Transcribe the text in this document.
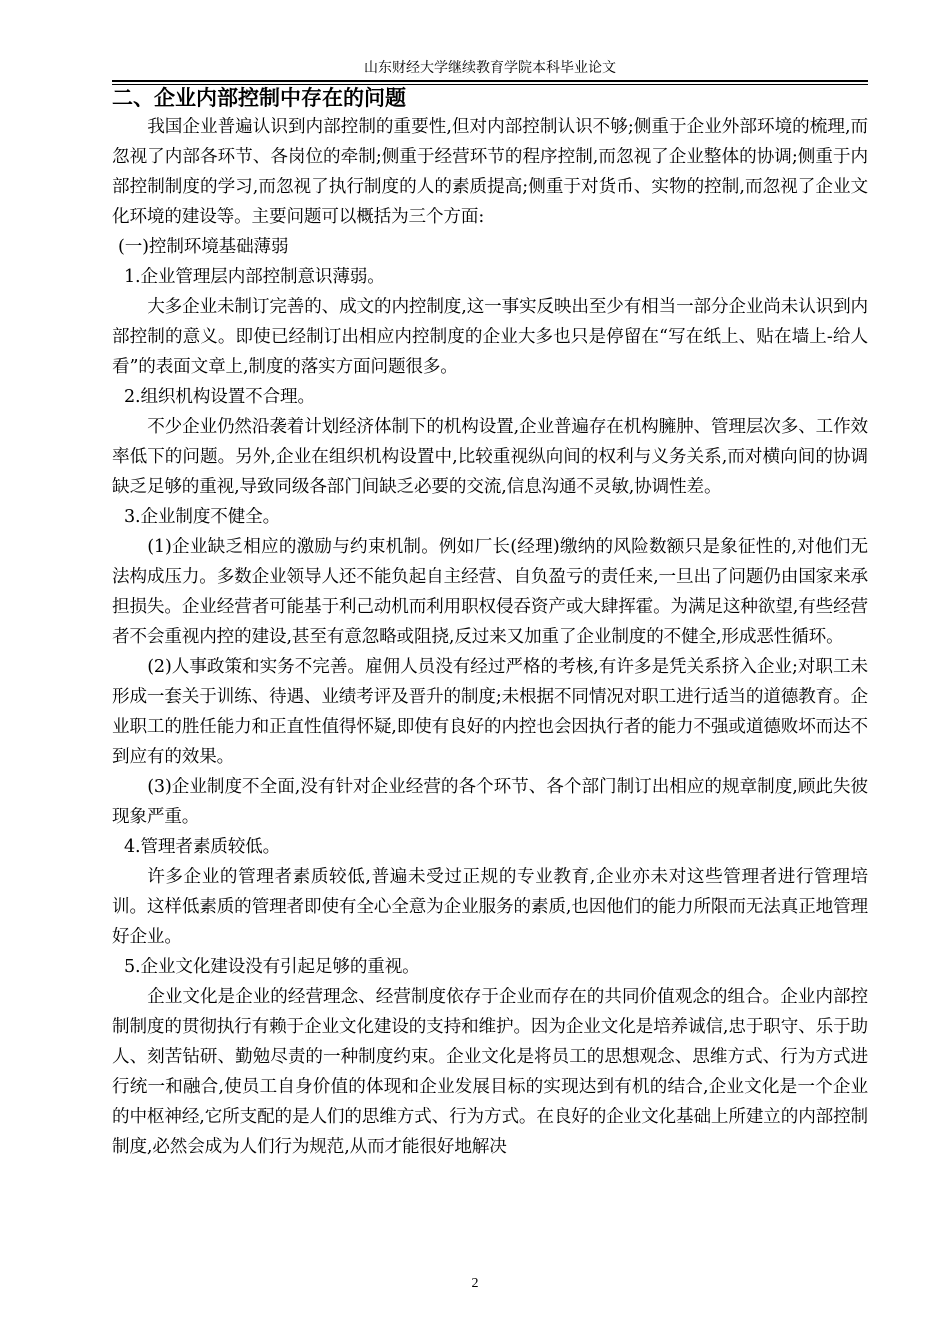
山东财经大学继续教育学院本科毕业论文
二、企业内部控制中存在的问题

我国企业普遍认识到内部控制的重要性,但对内部控制认识不够;侧重于企业外部环境的梳理,而忽视了内部各环节、各岗位的牵制;侧重于经营环节的程序控制,而忽视了企业整体的协调;侧重于内部控制制度的学习,而忽视了执行制度的人的素质提高;侧重于对货币、实物的控制,而忽视了企业文化环境的建设等。主要问题可以概括为三个方面:

(一)控制环境基础薄弱

1.企业管理层内部控制意识薄弱。

大多企业未制订完善的、成文的内控制度,这一事实反映出至少有相当一部分企业尚未认识到内部控制的意义。即使已经制订出相应内控制度的企业大多也只是停留在“写在纸上、贴在墙上-给人看”的表面文章上,制度的落实方面问题很多。

2.组织机构设置不合理。

不少企业仍然沿袭着计划经济体制下的机构设置,企业普遍存在机构臃肿、管理层次多、工作效率低下的问题。另外,企业在组织机构设置中,比较重视纵向间的权利与义务关系,而对横向间的协调缺乏足够的重视,导致同级各部门间缺乏必要的交流,信息沟通不灵敏,协调性差。

3.企业制度不健全。

(1)企业缺乏相应的激励与约束机制。例如厂长(经理)缴纳的风险数额只是象征性的,对他们无法构成压力。多数企业领导人还不能负起自主经营、自负盈亏的责任来,一旦出了问题仍由国家来承担损失。企业经营者可能基于利己动机而利用职权侵吞资产或大肆挥霍。为满足这种欲望,有些经营者不会重视内控的建设,甚至有意忽略或阻挠,反过来又加重了企业制度的不健全,形成恶性循环。

(2)人事政策和实务不完善。雇佣人员没有经过严格的考核,有许多是凭关系挤入企业;对职工未形成一套关于训练、待遇、业绩考评及晋升的制度;未根据不同情况对职工进行适当的道德教育。企业职工的胜任能力和正直性值得怀疑,即使有良好的内控也会因执行者的能力不强或道德败坏而达不到应有的效果。

(3)企业制度不全面,没有针对企业经营的各个环节、各个部门制订出相应的规章制度,顾此失彼现象严重。

4.管理者素质较低。

许多企业的管理者素质较低,普遍未受过正规的专业教育,企业亦未对这些管理者进行管理培训。这样低素质的管理者即使有全心全意为企业服务的素质,也因他们的能力所限而无法真正地管理好企业。

5.企业文化建设没有引起足够的重视。

企业文化是企业的经营理念、经营制度依存于企业而存在的共同价值观念的组合。企业内部控制制度的贯彻执行有赖于企业文化建设的支持和维护。因为企业文化是培养诚信,忠于职守、乐于助人、刻苦钻研、勤勉尽责的一种制度约束。企业文化是将员工的思想观念、思维方式、行为方式进行统一和融合,使员工自身价值的体现和企业发展目标的实现达到有机的结合,企业文化是一个企业的中枢神经,它所支配的是人们的思维方式、行为方式。在良好的企业文化基础上所建立的内部控制制度,必然会成为人们行为规范,从而才能很好地解决

2
